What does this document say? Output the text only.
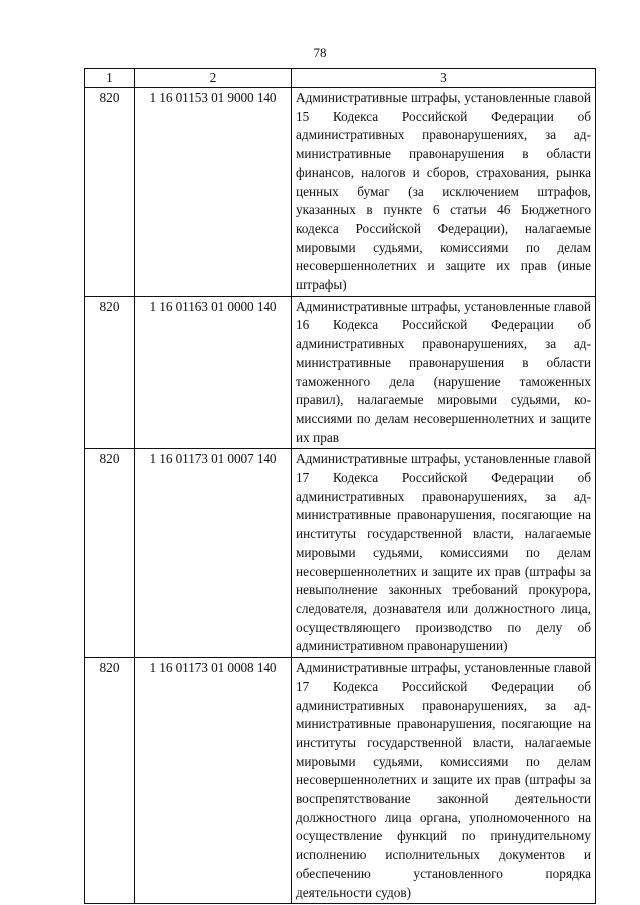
78
1	2	3
820	1 16 01153 01 9000 140	Административные штрафы, установленные главой 15 Кодекса Российской Федерации об административных правонарушениях, за административные правонарушения в области финансов, налогов и сборов, страхования, рынка ценных бумаг (за исключением штрафов, указанных в пункте 6 статьи 46 Бюджетного кодекса Российской Федерации), налагаемые мировыми судьями, комиссиями по делам несовершеннолетних и защите их прав (иные штрафы)
820	1 16 01163 01 0000 140	Административные штрафы, установленные главой 16 Кодекса Российской Федерации об административных правонарушениях, за административные правонарушения в области таможенного дела (нарушение таможенных правил), налагаемые мировыми судьями, комиссиями по делам несовершеннолетних и защите их прав
820	1 16 01173 01 0007 140	Административные штрафы, установленные главой 17 Кодекса Российской Федерации об административных правонарушениях, за административные правонарушения, посягающие на институты государственной власти, налагаемые мировыми судьями, комиссиями по делам несовершеннолетних и защите их прав (штрафы за невыполнение законных требований прокурора, следователя, дознавателя или должностного лица, осуществляющего производство по делу об административном правонарушении)
820	1 16 01173 01 0008 140	Административные штрафы, установленные главой 17 Кодекса Российской Федерации об административных правонарушениях, за административные правонарушения, посягающие на институты государственной власти, налагаемые мировыми судьями, комиссиями по делам несовершеннолетних и защите их прав (штрафы за воспрепятствование законной деятельности должностного лица органа, уполномоченного на осуществление функций по принудительному исполнению исполнительных документов и обеспечению установленного порядка деятельности судов)
